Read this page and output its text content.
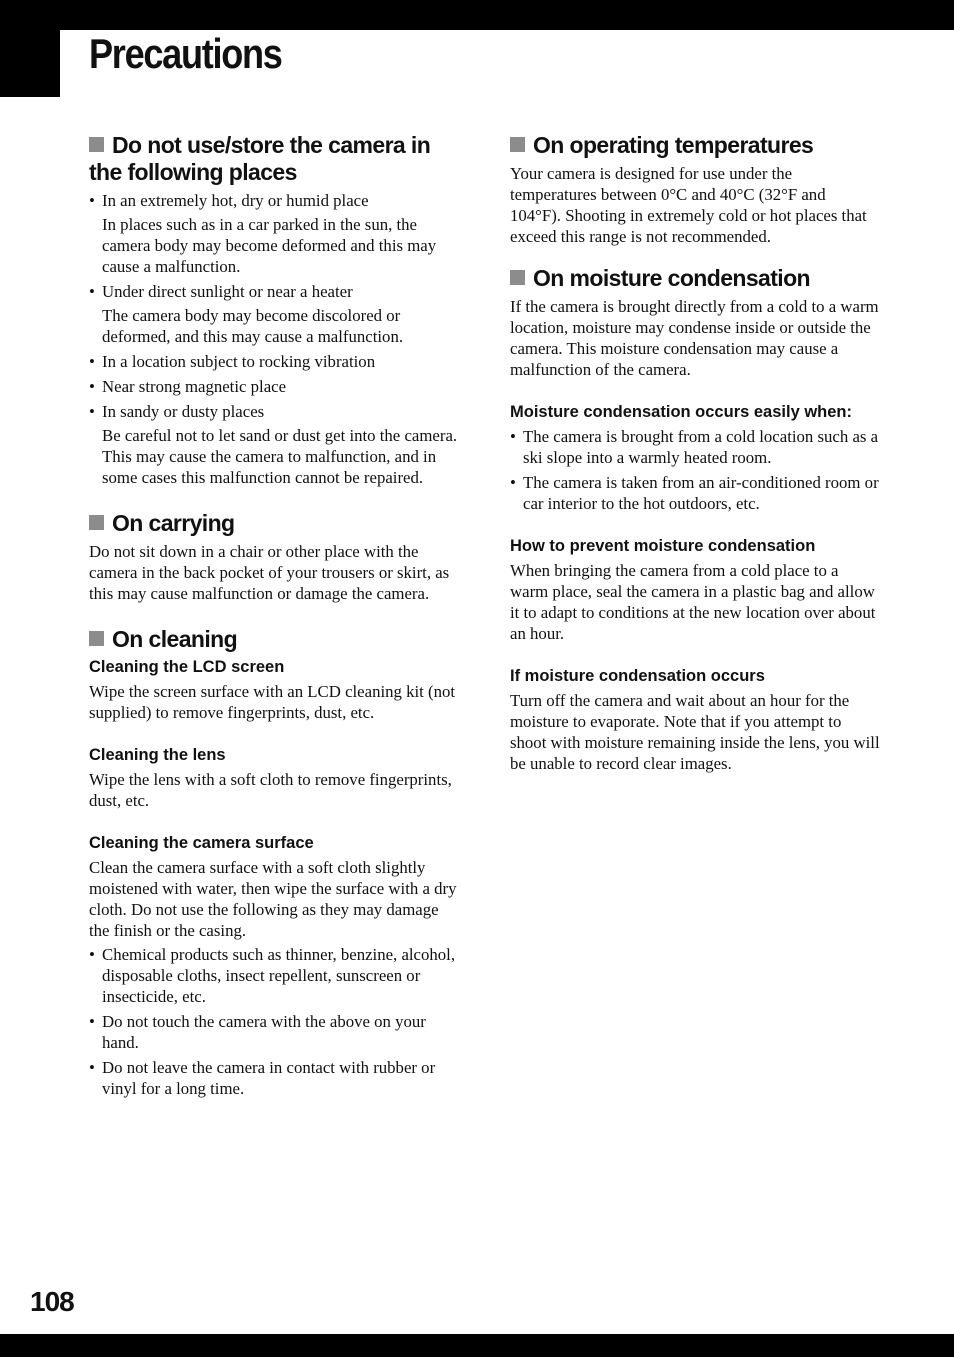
Precautions
Do not use/store the camera in the following places
• In an extremely hot, dry or humid place
In places such as in a car parked in the sun, the camera body may become deformed and this may cause a malfunction.
• Under direct sunlight or near a heater
The camera body may become discolored or deformed, and this may cause a malfunction.
• In a location subject to rocking vibration
• Near strong magnetic place
• In sandy or dusty places
Be careful not to let sand or dust get into the camera. This may cause the camera to malfunction, and in some cases this malfunction cannot be repaired.
On carrying

Do not sit down in a chair or other place with the camera in the back pocket of your trousers or skirt, as this may cause malfunction or damage the camera.

On cleaning
Cleaning the LCD screen

Wipe the screen surface with an LCD cleaning kit (not supplied) to remove fingerprints, dust, etc.

Cleaning the lens

Wipe the lens with a soft cloth to remove fingerprints, dust, etc.

Cleaning the camera surface

Clean the camera surface with a soft cloth slightly moistened with water, then wipe the surface with a dry cloth. Do not use the following as they may damage the finish or the casing.

• Chemical products such as thinner, benzine, alcohol, disposable cloths, insect repellent, sunscreen or insecticide, etc.
• Do not touch the camera with the above on your hand.
• Do not leave the camera in contact with rubber or vinyl for a long time.
On operating temperatures

Your camera is designed for use under the temperatures between 0°C and 40°C (32°F and 104°F). Shooting in extremely cold or hot places that exceed this range is not recommended.

On moisture condensation

If the camera is brought directly from a cold to a warm location, moisture may condense inside or outside the camera. This moisture condensation may cause a malfunction of the camera.

Moisture condensation occurs easily when:
• The camera is brought from a cold location such as a ski slope into a warmly heated room.
• The camera is taken from an air-conditioned room or car interior to the hot outdoors, etc.
How to prevent moisture condensation

When bringing the camera from a cold place to a warm place, seal the camera in a plastic bag and allow it to adapt to conditions at the new location over about an hour.

If moisture condensation occurs

Turn off the camera and wait about an hour for the moisture to evaporate. Note that if you attempt to shoot with moisture remaining inside the lens, you will be unable to record clear images.

108
